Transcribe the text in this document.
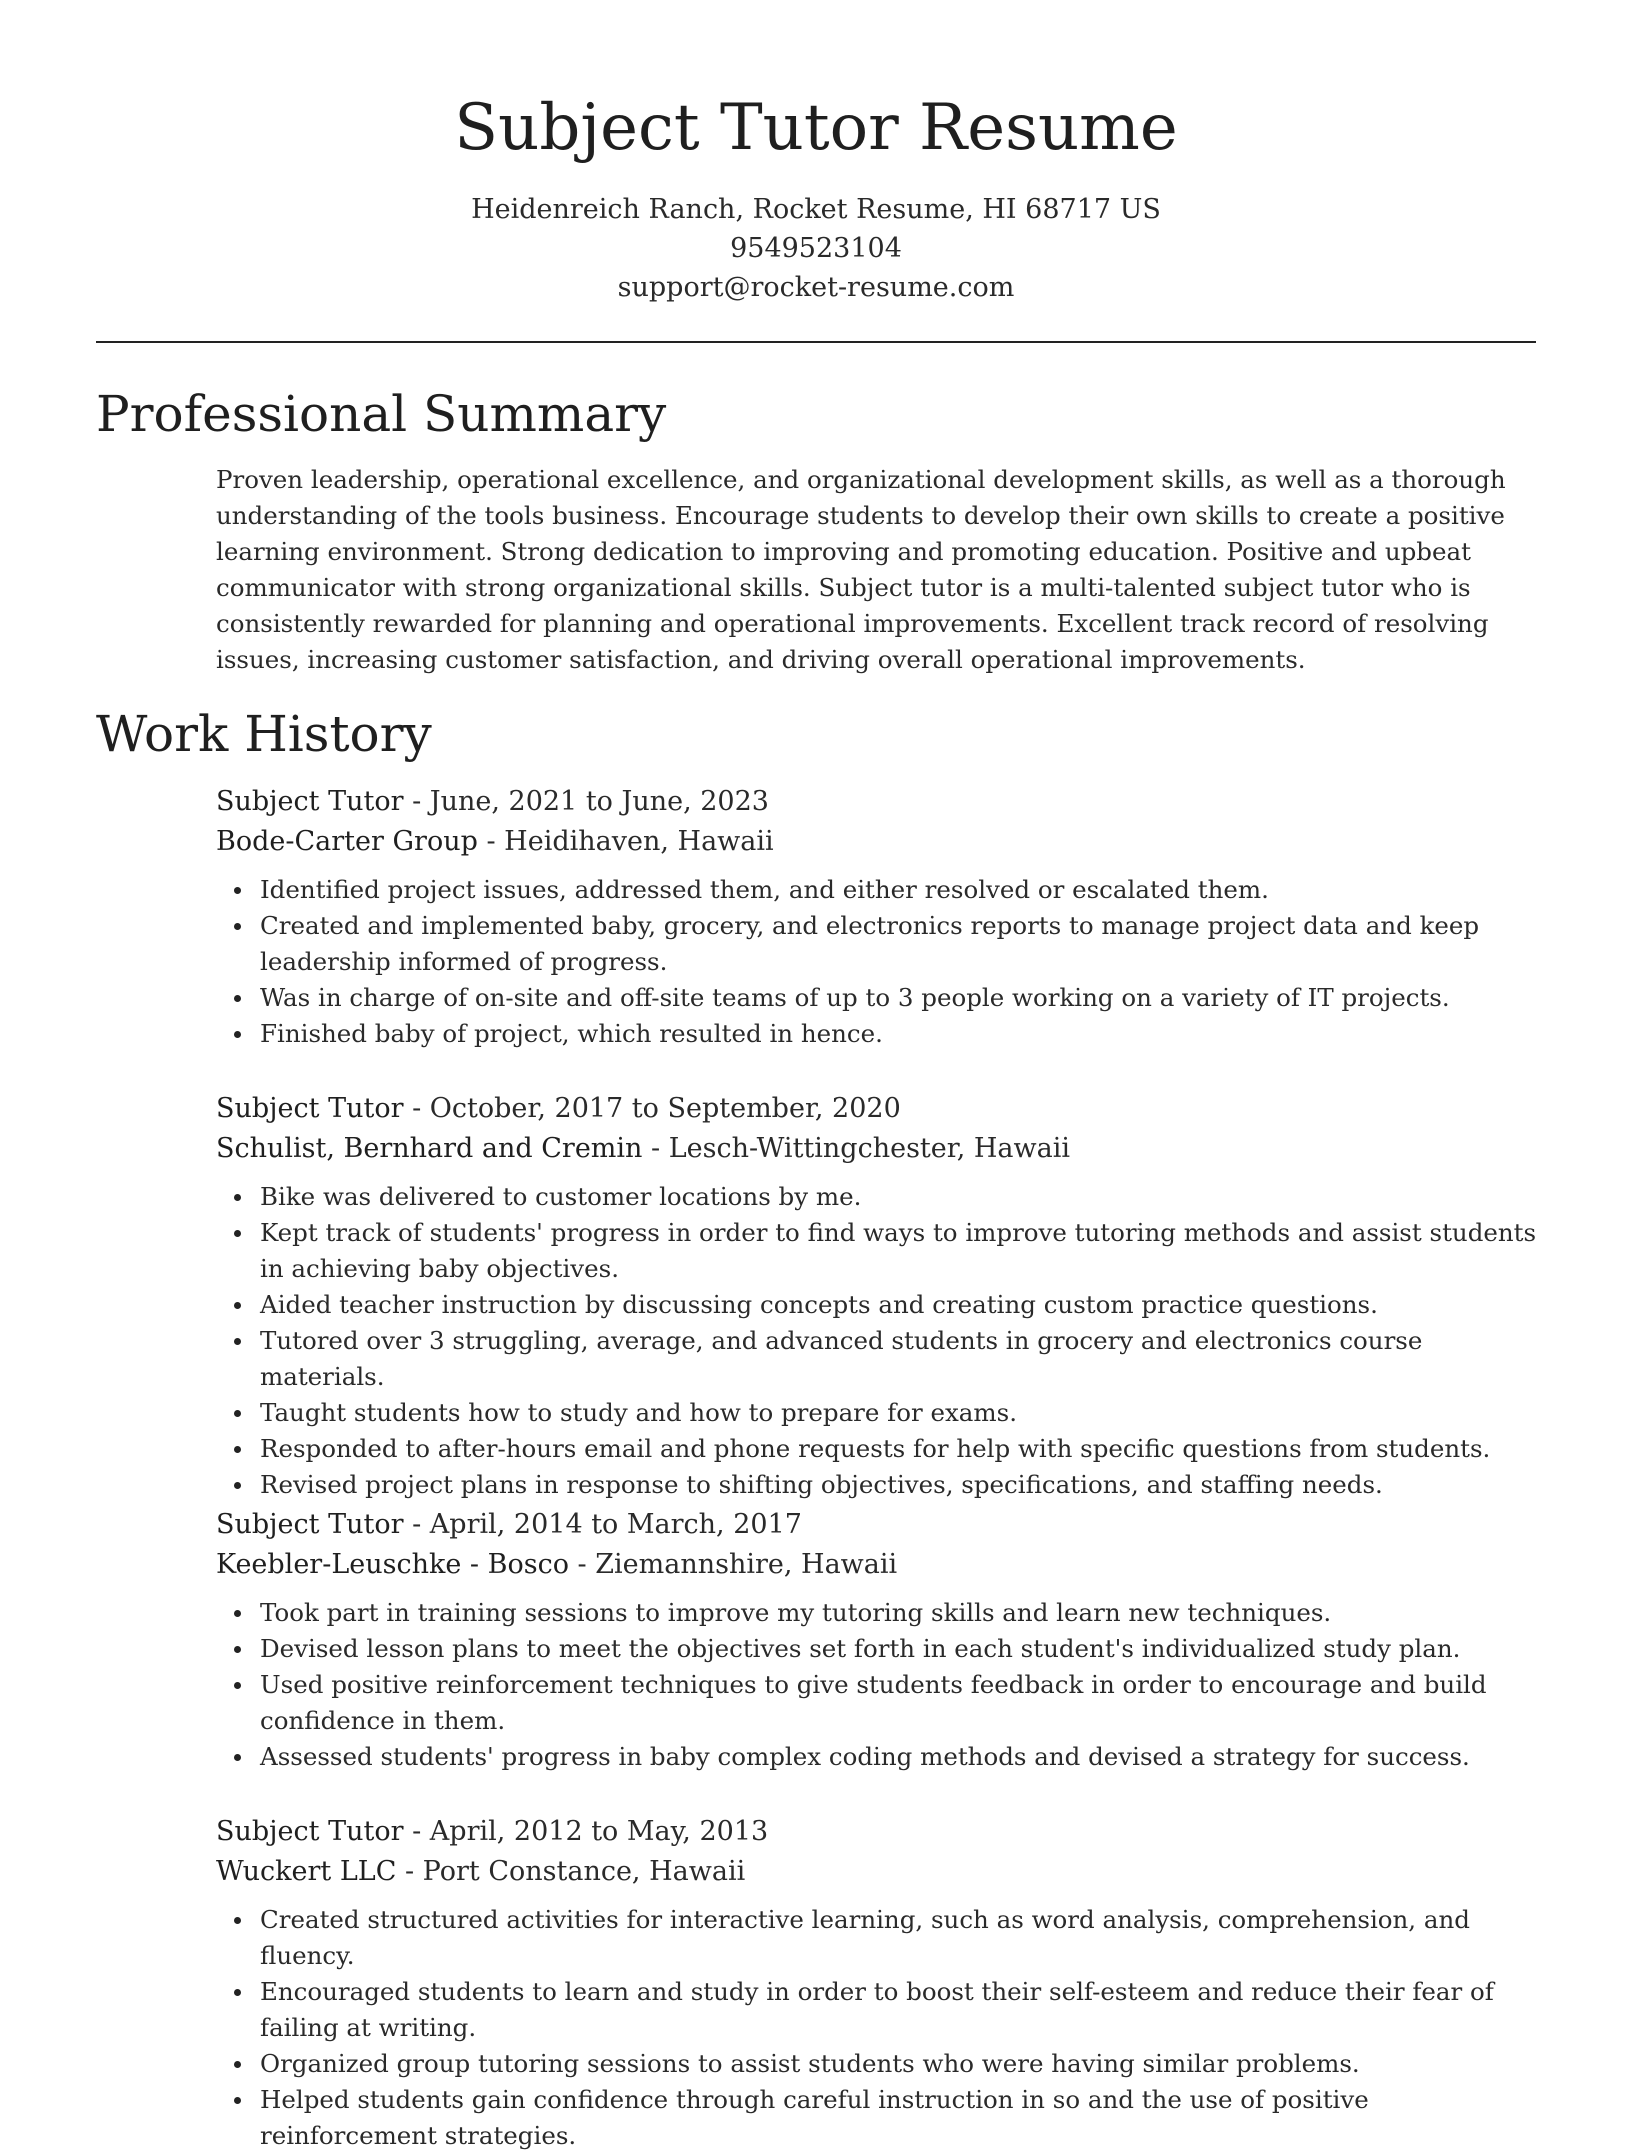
Subject Tutor Resume

Heidenreich Ranch, Rocket Resume, HI 68717 US

9549523104

support@rocket-resume.com

Professional Summary

Proven leadership, operational excellence, and organizational development skills, as well as a thorough understanding of the tools business. Encourage students to develop their own skills to create a positive learning environment. Strong dedication to improving and promoting education. Positive and upbeat communicator with strong organizational skills. Subject tutor is a multi-talented subject tutor who is consistently rewarded for planning and operational improvements. Excellent track record of resolving issues, increasing customer satisfaction, and driving overall operational improvements.

Work History

Subject Tutor - June, 2021 to June, 2023

Bode-Carter Group - Heidihaven, Hawaii

Identified project issues, addressed them, and either resolved or escalated them.
Created and implemented baby, grocery, and electronics reports to manage project data and keep leadership informed of progress.
Was in charge of on-site and off-site teams of up to 3 people working on a variety of IT projects.
Finished baby of project, which resulted in hence.

Subject Tutor - October, 2017 to September, 2020

Schulist, Bernhard and Cremin - Lesch-Wittingchester, Hawaii

Bike was delivered to customer locations by me.
Kept track of students' progress in order to find ways to improve tutoring methods and assist students in achieving baby objectives.
Aided teacher instruction by discussing concepts and creating custom practice questions.
Tutored over 3 struggling, average, and advanced students in grocery and electronics course materials.
Taught students how to study and how to prepare for exams.
Responded to after-hours email and phone requests for help with specific questions from students.
Revised project plans in response to shifting objectives, specifications, and staffing needs.

Subject Tutor - April, 2014 to March, 2017

Keebler-Leuschke - Bosco - Ziemannshire, Hawaii

Took part in training sessions to improve my tutoring skills and learn new techniques.
Devised lesson plans to meet the objectives set forth in each student's individualized study plan.
Used positive reinforcement techniques to give students feedback in order to encourage and build confidence in them.
Assessed students' progress in baby complex coding methods and devised a strategy for success.

Subject Tutor - April, 2012 to May, 2013

Wuckert LLC - Port Constance, Hawaii

Created structured activities for interactive learning, such as word analysis, comprehension, and fluency.
Encouraged students to learn and study in order to boost their self-esteem and reduce their fear of failing at writing.
Organized group tutoring sessions to assist students who were having similar problems.
Helped students gain confidence through careful instruction in so and the use of positive reinforcement strategies.
